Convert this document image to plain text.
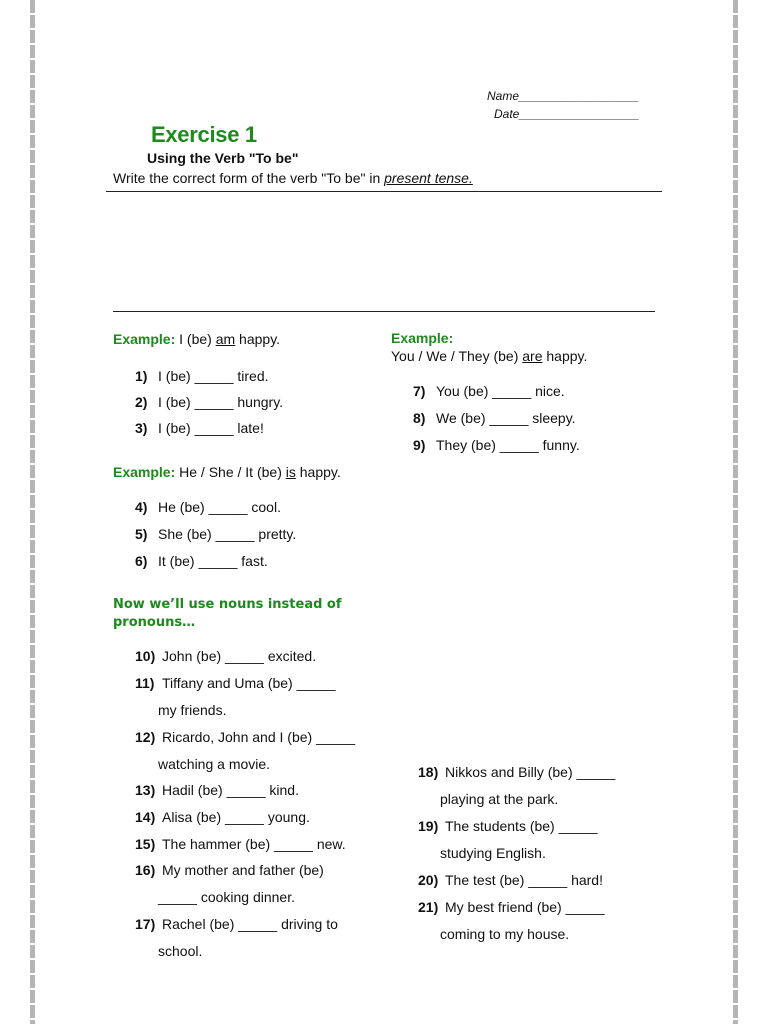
Name__________________
Date__________________
Exercise 1
Using the Verb "To be"
Write the correct form of the verb "To be" in present tense.
Example: I (be) am happy.
1) I (be) _____ tired.
2) I (be) _____ hungry.
3) I (be) _____ late!
Example: He / She / It (be) is happy.
4) He (be) _____ cool.
5) She (be) _____ pretty.
6) It (be) _____ fast.
Now we’ll use nouns instead of pronouns…
10) John (be) _____ excited.
11) Tiffany and Uma (be) _____
my friends.
12) Ricardo, John and I (be) _____
watching a movie.
13) Hadil (be) _____ kind.
14) Alisa (be) _____ young.
15) The hammer (be) _____ new.
16) My mother and father (be)
_____ cooking dinner.
17) Rachel (be) _____ driving to
school.
Example:
You / We / They (be) are happy.
7) You (be) _____ nice.
8) We (be) _____ sleepy.
9) They (be) _____ funny.
18) Nikkos and Billy (be) _____
playing at the park.
19) The students (be) _____
studying English.
20) The test (be) _____ hard!
21) My best friend (be) _____
coming to my house.
